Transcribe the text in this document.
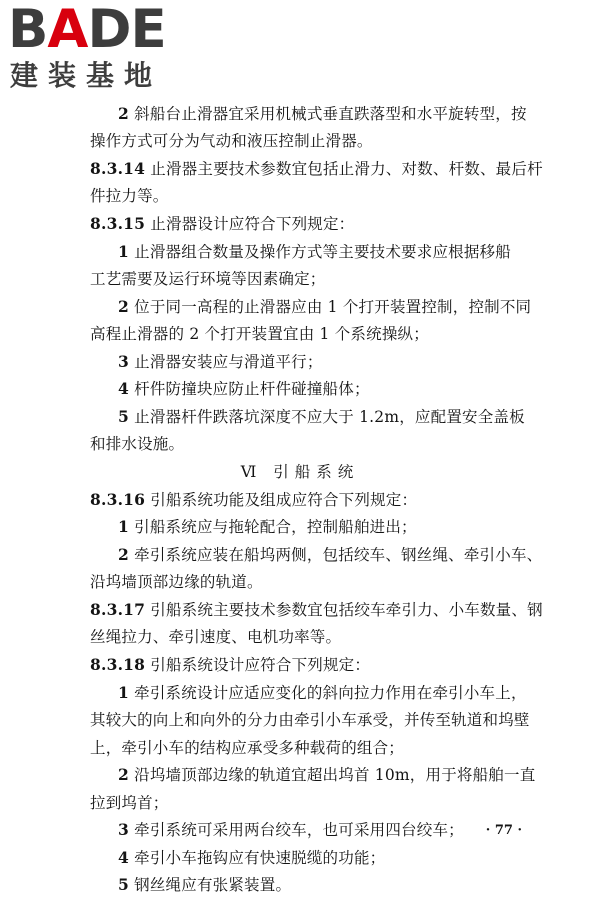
B A D E
建装基地
2 斜船台止滑器宜采用机械式垂直跌落型和水平旋转型，按
操作方式可分为气动和液压控制止滑器。
8.3.14 止滑器主要技术参数宜包括止滑力、对数、杆数、最后杆
件拉力等。
8.3.15 止滑器设计应符合下列规定：
1 止滑器组合数量及操作方式等主要技术要求应根据移船
工艺需要及运行环境等因素确定；
2 位于同一高程的止滑器应由 1 个打开装置控制，控制不同
高程止滑器的 2 个打开装置宜由 1 个系统操纵；
3 止滑器安装应与滑道平行；
4 杆件防撞块应防止杆件碰撞船体；
5 止滑器杆件跌落坑深度不应大于 1.2m，应配置安全盖板
和排水设施。
Ⅵ 引船系统
8.3.16 引船系统功能及组成应符合下列规定：
1 引船系统应与拖轮配合，控制船舶进出；
2 牵引系统应装在船坞两侧，包括绞车、钢丝绳、牵引小车、
沿坞墙顶部边缘的轨道。
8.3.17 引船系统主要技术参数宜包括绞车牵引力、小车数量、钢
丝绳拉力、牵引速度、电机功率等。
8.3.18 引船系统设计应符合下列规定：
1 牵引系统设计应适应变化的斜向拉力作用在牵引小车上，
其较大的向上和向外的分力由牵引小车承受，并传至轨道和坞壁
上，牵引小车的结构应承受多种载荷的组合；
2 沿坞墙顶部边缘的轨道宜超出坞首 10m，用于将船舶一直
拉到坞首；
3 牵引系统可采用两台绞车，也可采用四台绞车；
4 牵引小车拖钩应有快速脱缆的功能；
5 钢丝绳应有张紧装置。
· 77 ·
